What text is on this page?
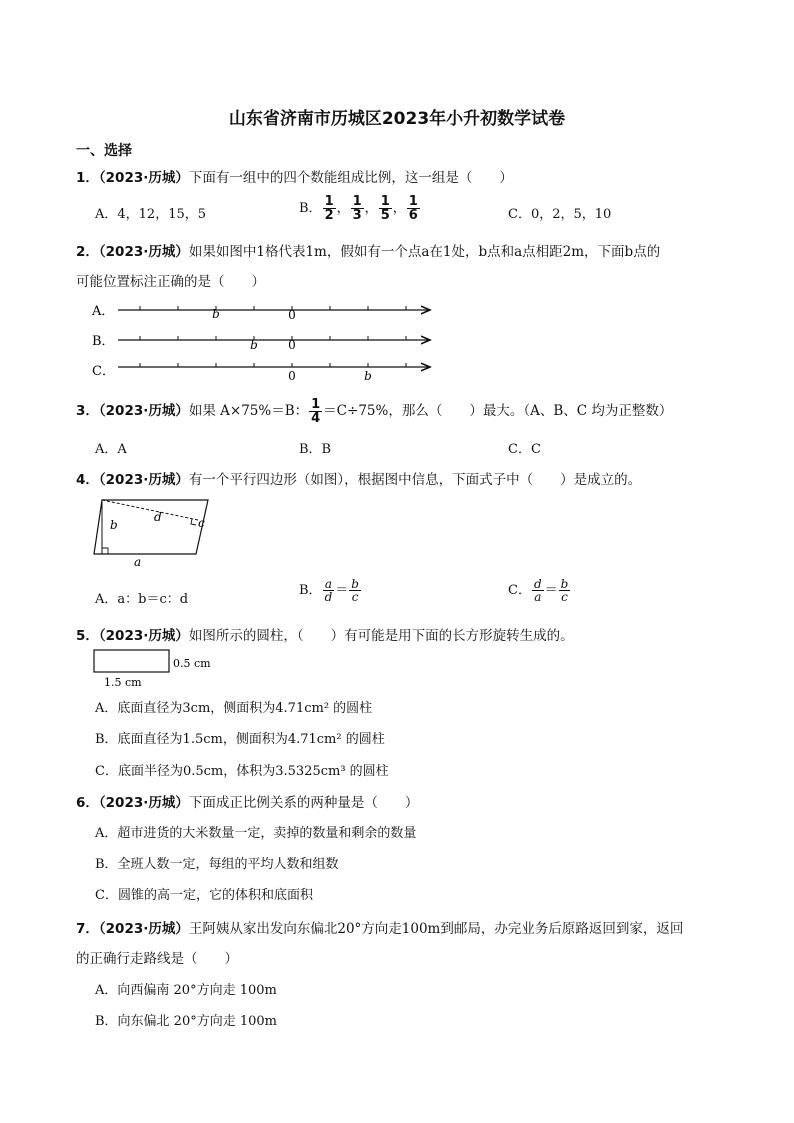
山东省济南市历城区2023年小升初数学试卷
一、选择
1．（2023·历城）下面有一组中的四个数能组成比例，这一组是（　　）
A．4，12，15，5	B． $\frac{1}{2}$ ， $\frac{1}{3}$ ， $\frac{1}{5}$ ， $\frac{1}{6}$	C．0，2，5，10
2．（2023·历城）如果如图中1格代表1m，假如有一个点a在1处，b点和a点相距2m，下面b点的
可能位置标注正确的是（　　）
A．	0
b
B．	0
b
C．	0	b
3．（2023·历城）如果 A×75%＝B： $\frac{1}{4} =C\div 75\%$，那么（　　）最大。（A、B、C 均为正整数）
A．A	B．B	C．C
4．（2023·历城）有一个平行四边形（如图），根据图中信息，下面式子中（　　）是成立的。
b
d	c
a
A．a：b＝c：d
B． $\frac{a}{d} = \frac{b}{c}$	C． $\frac{d}{a} = \frac{b}{c}$
5．（2023·历城）如图所示的圆柱，（　　）有可能是用下面的长方形旋转生成的。
0.5 cm
1.5 cm
A．底面直径为3cm，侧面积为4.71cm² 的圆柱
B．底面直径为1.5cm，侧面积为4.71cm² 的圆柱
C．底面半径为0.5cm，体积为3.5325cm³ 的圆柱
6．（2023·历城）下面成正比例关系的两种量是（　　）
A．超市进货的大米数量一定，卖掉的数量和剩余的数量
B．全班人数一定，每组的平均人数和组数
C．圆锥的高一定，它的体积和底面积
7．（2023·历城）王阿姨从家出发向东偏北20°方向走100m到邮局，办完业务后原路返回到家，返回
的正确行走路线是（　　）
A．向西偏南 20°方向走 100m
B．向东偏北 20°方向走 100m
